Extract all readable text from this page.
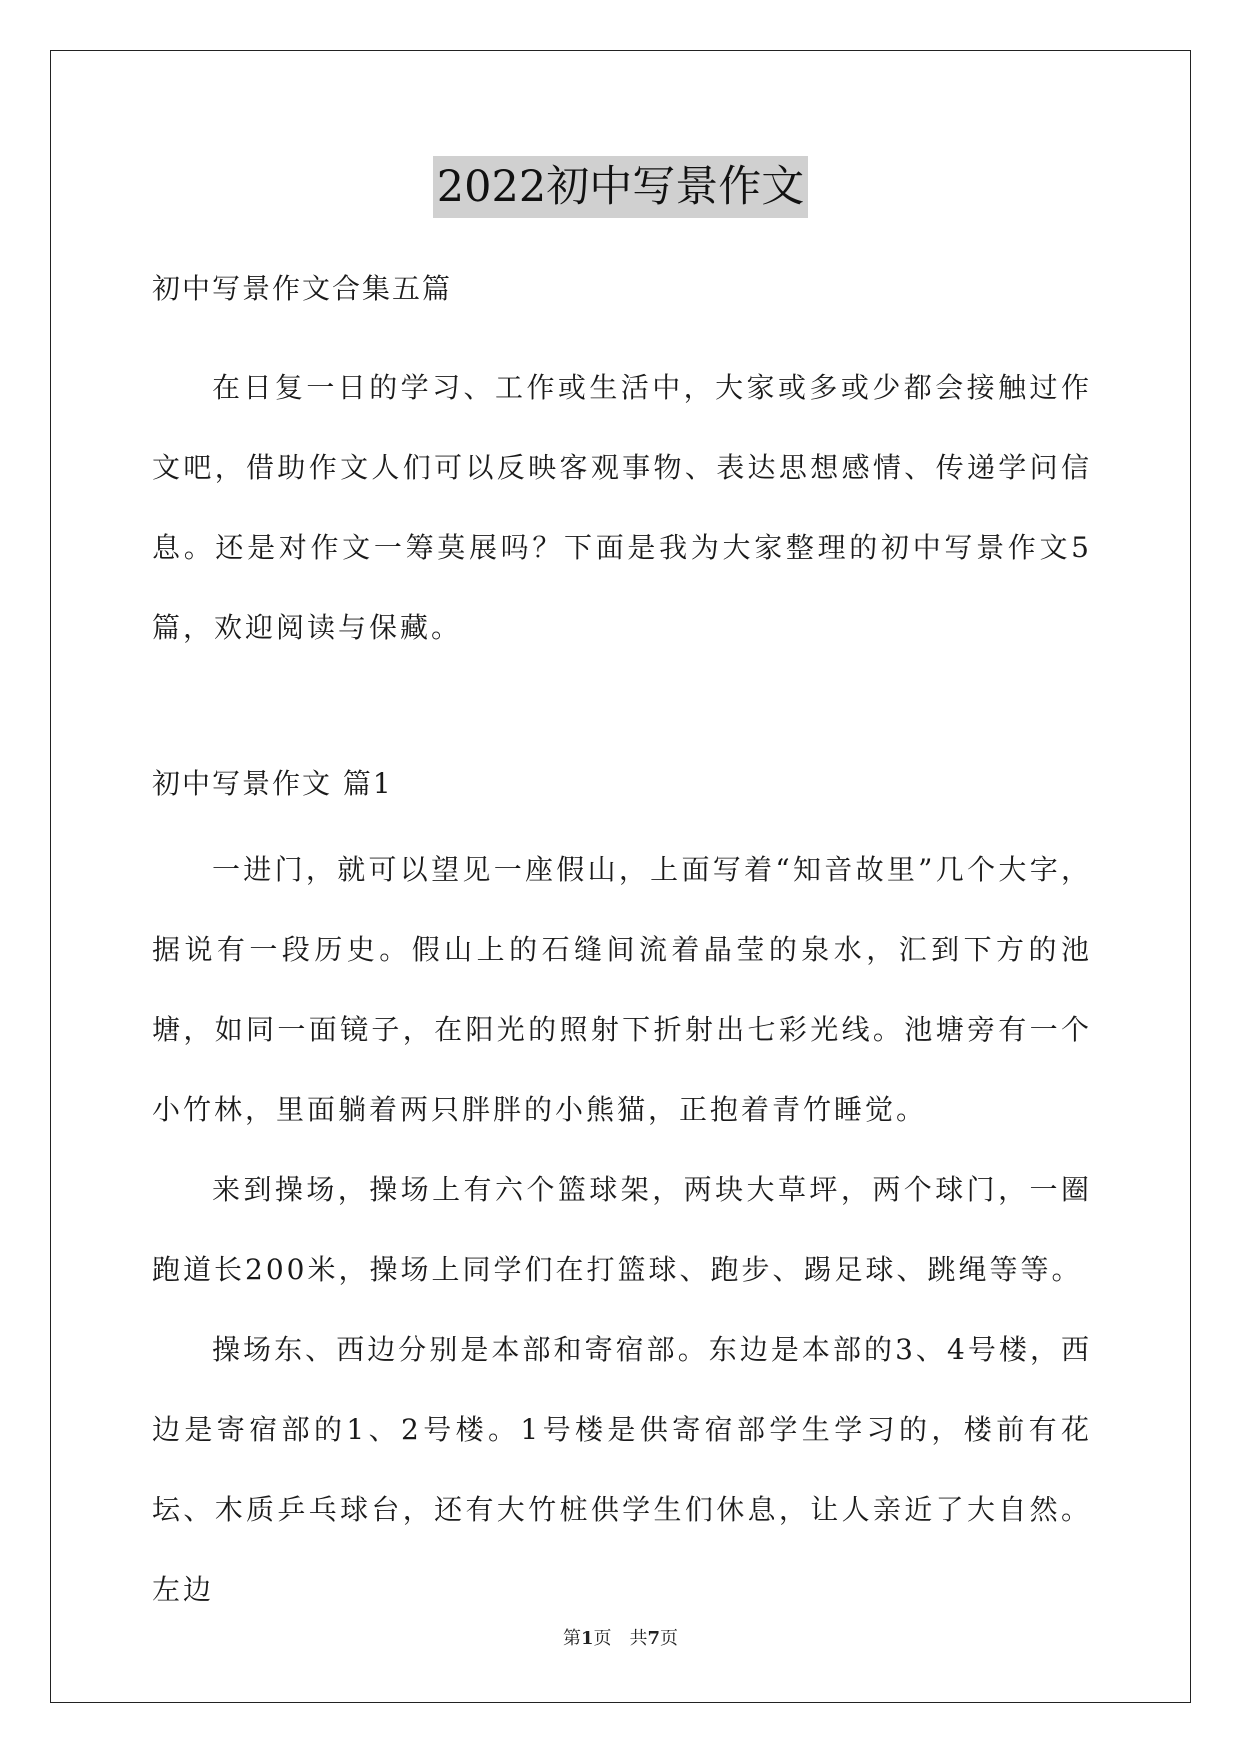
2022初中写景作文
初中写景作文合集五篇
在日复一日的学习、工作或生活中，大家或多或少都会接触过作文吧，借助作文人们可以反映客观事物、表达思想感情、传递学问信息。还是对作文一筹莫展吗？下面是我为大家整理的初中写景作文5篇，欢迎阅读与保藏。
初中写景作文 篇1
一进门，就可以望见一座假山，上面写着“知音故里”几个大字，据说有一段历史。假山上的石缝间流着晶莹的泉水，汇到下方的池塘，如同一面镜子，在阳光的照射下折射出七彩光线。池塘旁有一个小竹林，里面躺着两只胖胖的小熊猫，正抱着青竹睡觉。
来到操场，操场上有六个篮球架，两块大草坪，两个球门，一圈跑道长200米，操场上同学们在打篮球、跑步、踢足球、跳绳等等。
操场东、西边分别是本部和寄宿部。东边是本部的3、4号楼，西边是寄宿部的1、2号楼。1号楼是供寄宿部学生学习的，楼前有花坛、木质乒乓球台，还有大竹桩供学生们休息，让人亲近了大自然。左边
第1页 共7页
